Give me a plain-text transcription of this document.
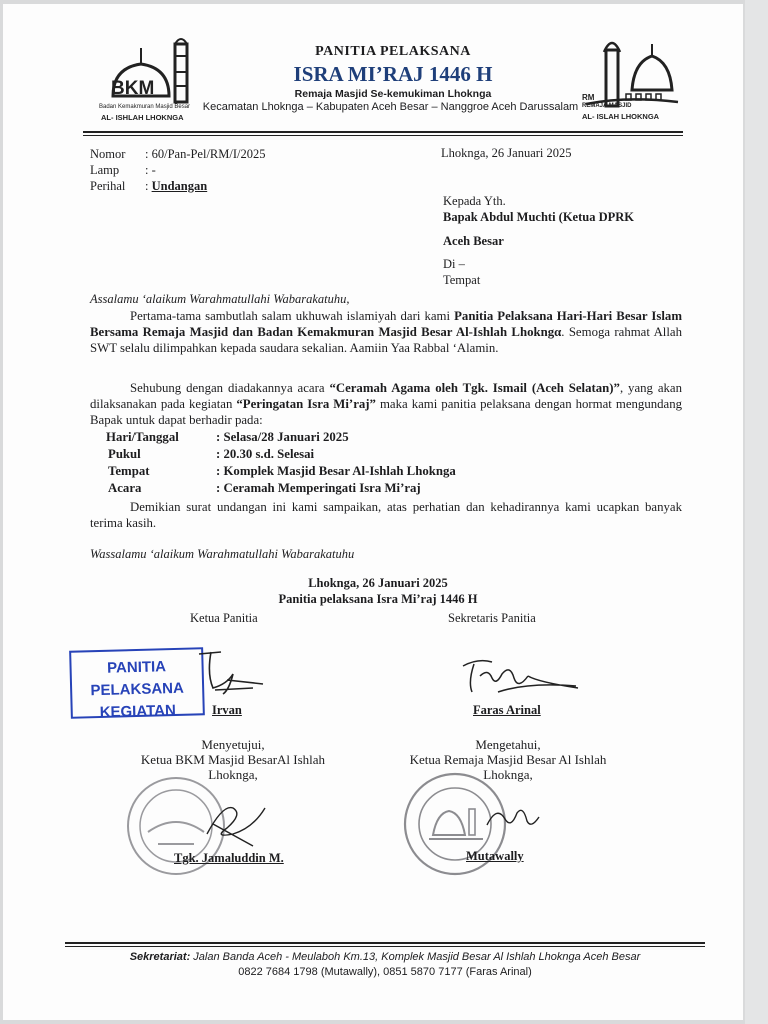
BKM
Badan Kemakmuran Masjid Besar
AL- ISHLAH LHOKNGA
RM
REMAJA MASJID
AL- ISLAH LHOKNGA
PANITIA PELAKSANA
ISRA MI’RAJ 1446 H
Remaja Masjid Se-kemukiman Lhoknga
Kecamatan Lhoknga – Kabupaten Aceh Besar – Nanggroe Aceh Darussalam
Nomor : 60/Pan-Pel/RM/I/2025
Lamp : -
Perihal : Undangan
Lhoknga, 26 Januari 2025
Kepada Yth.
Bapak Abdul Muchti (Ketua DPRK
Aceh Besar
Di –
Tempat
Assalamu ‘alaikum Warahmatullahi Wabarakatuhu,

Pertama-tama sambutlah salam ukhuwah islamiyah dari kami Panitia Pelaksana Hari-Hari Besar Islam Bersama Remaja Masjid dan Badan Kemakmuran Masjid Besar Al-Ishlah Lhokngα. Semoga rahmat Allah SWT selalu dilimpahkan kepada saudara sekalian. Aamiin Yaa Rabbal ‘Alamin.

Sehubung dengan diadakannya acara “Ceramah Agama oleh Tgk. Ismail (Aceh Selatan)”, yang akan dilaksanakan pada kegiatan “Peringatan Isra Mi’raj” maka kami panitia pelaksana dengan hormat mengundang Bapak untuk dapat berhadir pada:

Hari/Tanggal	: Selasa/28 Januari 2025
Pukul	: 20.30 s.d. Selesai
Tempat	: Komplek Masjid Besar Al-Ishlah Lhoknga
Acara	: Ceramah Memperingati Isra Mi’raj

Demikian surat undangan ini kami sampaikan, atas perhatian dan kehadirannya kami ucapkan banyak terima kasih.

Wassalamu ‘alaikum Warahmatullahi Wabarakatuhu
Lhoknga, 26 Januari 2025
Panitia pelaksana Isra Mi’raj 1446 H
Ketua Panitia	Sekretaris Panitia
PANITIA PELAKSANA
KEGIATAN	Irvan	Faras Arinal
Menyetujui,
Ketua BKM Masjid BesarAl Ishlah
Lhoknga,
Mengetahui,
Ketua Remaja Masjid Besar Al Ishlah
Lhoknga,
Tgk. Jamaluddin M.	Mutawally
Sekretariat: Jalan Banda Aceh - Meulaboh Km.13, Komplek Masjid Besar Al Ishlah Lhoknga Aceh Besar
0822 7684 1798 (Mutawally), 0851 5870 7177 (Faras Arinal)
